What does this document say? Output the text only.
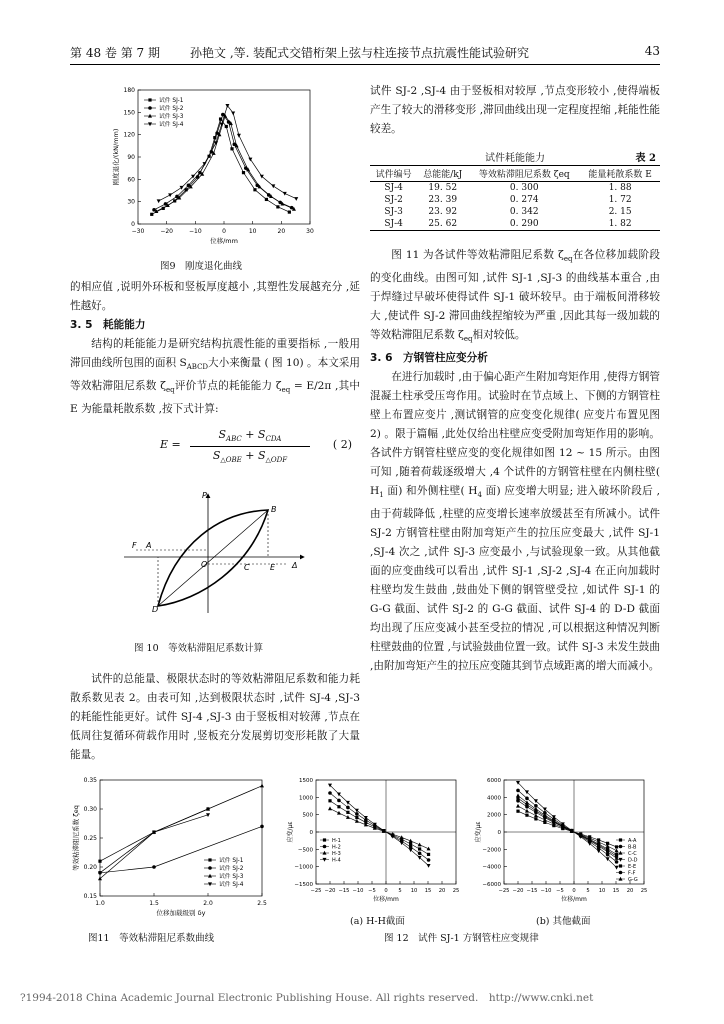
第 48 卷 第 7 期	孙艳文 ,等. 装配式交错桁架上弦与柱连接节点抗震性能试验研究	43
−30	−20	−10	0	10	20	30
0
30
60
90
120
150
180
刚度退化/(kN/mm)
位移/mm
试件 SJ-1
试件 SJ-2
试件 SJ-3
试件 SJ-4
图9　刚度退化曲线

的相应值 ,说明外环板和竖板厚度越小 ,其塑性发展越充分 ,延性越好。

3. 5　耗能能力

结构的耗能能力是研究结构抗震性能的重要指标 ,一般用滞回曲线所包围的面积 $S_{ABCD}$大小来衡量 ( 图 10) 。本文采用等效粘滞阻尼系数 $\zeta_{eq}$评价节点的耗能能力 $\zeta_{eq} = E/2\pi$ ,其中 E 为能量耗散系数 ,按下式计算:

E =
$S_{ABC} + S_{CDA}$
$S_{\triangle OBE} + S_{\triangle ODF}$
( 2)
P
B
A
F
O	E
C
D
Δ
图 10　等效粘滞阻尼系数计算

试件的总能量、极限状态时的等效粘滞阻尼系数和能力耗散系数见表 2。由表可知 ,达到极限状态时 ,试件 SJ-4 ,SJ-3 的耗能性能更好。试件 SJ-4 ,SJ-3 由于竖板相对较薄 ,节点在低周往复循环荷载作用时 ,竖板充分发展剪切变形耗散了大量能量。

试件 SJ-2 ,SJ-4 由于竖板相对较厚 ,节点变形较小 ,使得端板产生了较大的滑移变形 ,滞回曲线出现一定程度捏缩 ,耗能性能较差。

试件耗能能力	表 2
试件编号	总能能/kJ	等效粘滞阻尼系数 ζeq	能量耗散系数 E
SJ-4	19. 52	0. 300	1. 88
SJ-2	23. 39	0. 274	1. 72
SJ-3	23. 92	0. 342	2. 15
SJ-4	25. 62	0. 290	1. 82

图 11 为各试件等效粘滞阻尼系数 $\zeta_{eq}$在各位移加载阶段的变化曲线。由图可知 ,试件 SJ-1 ,SJ-3 的曲线基本重合 ,由于焊缝过早破坏使得试件 SJ-1 破坏较早。由于端板间滑移较大 ,使试件 SJ-2 滞回曲线捏缩较为严重 ,因此其每一级加载的等效粘滞阻尼系数 $\zeta_{eq}$相对较低。

3. 6　方钢管柱应变分析

在进行加载时 ,由于偏心距产生附加弯矩作用 ,使得方钢管混凝土柱承受压弯作用。试验时在节点域上、下侧的方钢管柱壁上布置应变片 ,测试钢管的应变变化规律( 应变片布置见图 2) 。限于篇幅 ,此处仅给出柱壁应变受附加弯矩作用的影响。各试件方钢管柱壁应变的变化规律如图 12 ~ 15 所示。由图可知 ,随着荷载逐级增大 ,4 个试件的方钢管柱壁在内侧柱壁( $H_1$ 面) 和外侧柱壁( $H_4$ 面) 应变增大明显; 进入破坏阶段后 ,由于荷载降低 ,柱壁的应变增长速率放缓甚至有所减小。试件 SJ-2 方钢管柱壁由附加弯矩产生的拉压应变最大 ,试件 SJ-1 ,SJ-4 次之 ,试件 SJ-3 应变最小 ,与试验现象一致。从其他截面的应变曲线可以看出 ,试件 SJ-1 ,SJ-2 ,SJ-4 在正向加载时柱壁均发生鼓曲 ,鼓曲处下侧的钢管壁受拉 ,如试件 SJ-1 的 G-G 截面、试件 SJ-2 的 G-G 截面、试件 SJ-4 的 D-D 截面均出现了压应变减小甚至受拉的情况 ,可以根据这种情况判断柱壁鼓曲的位置 ,与试验鼓曲位置一致。试件 SJ-3 未发生鼓曲 ,由附加弯矩产生的拉压应变随其到节点域距离的增大而减小。

1.0	1.5	2.0	2.5
0.15
0.20
0.25
0.30
0.35
等效粘滞阻尼系数 ζeq
位移加载级别 δy
试件 SJ-1
试件 SJ-2
试件 SJ-3
试件 SJ-4
图11　等效粘滞阻尼系数曲线
−25 −20 −15 −10 −5 0 5 10 15 20 25
1500
1000
500
0
−500
−1000
−1500
应变/με
位移/mm
H-1
H-2
H-3
H-4
−25 −20 −15 −10 −5 0 5 10 15 20 25
6000
4000
2000
0
−2000
−4000
−6000
应变/με
位移/mm
A-A
B-B
C-C
D-D
E-E
F-F
G-G
(a) H-H截面	(b) 其他截面
图 12　试件 SJ-1 方钢管柱应变规律
?1994-2018 China Academic Journal Electronic Publishing House. All rights reserved.　http://www.cnki.net
